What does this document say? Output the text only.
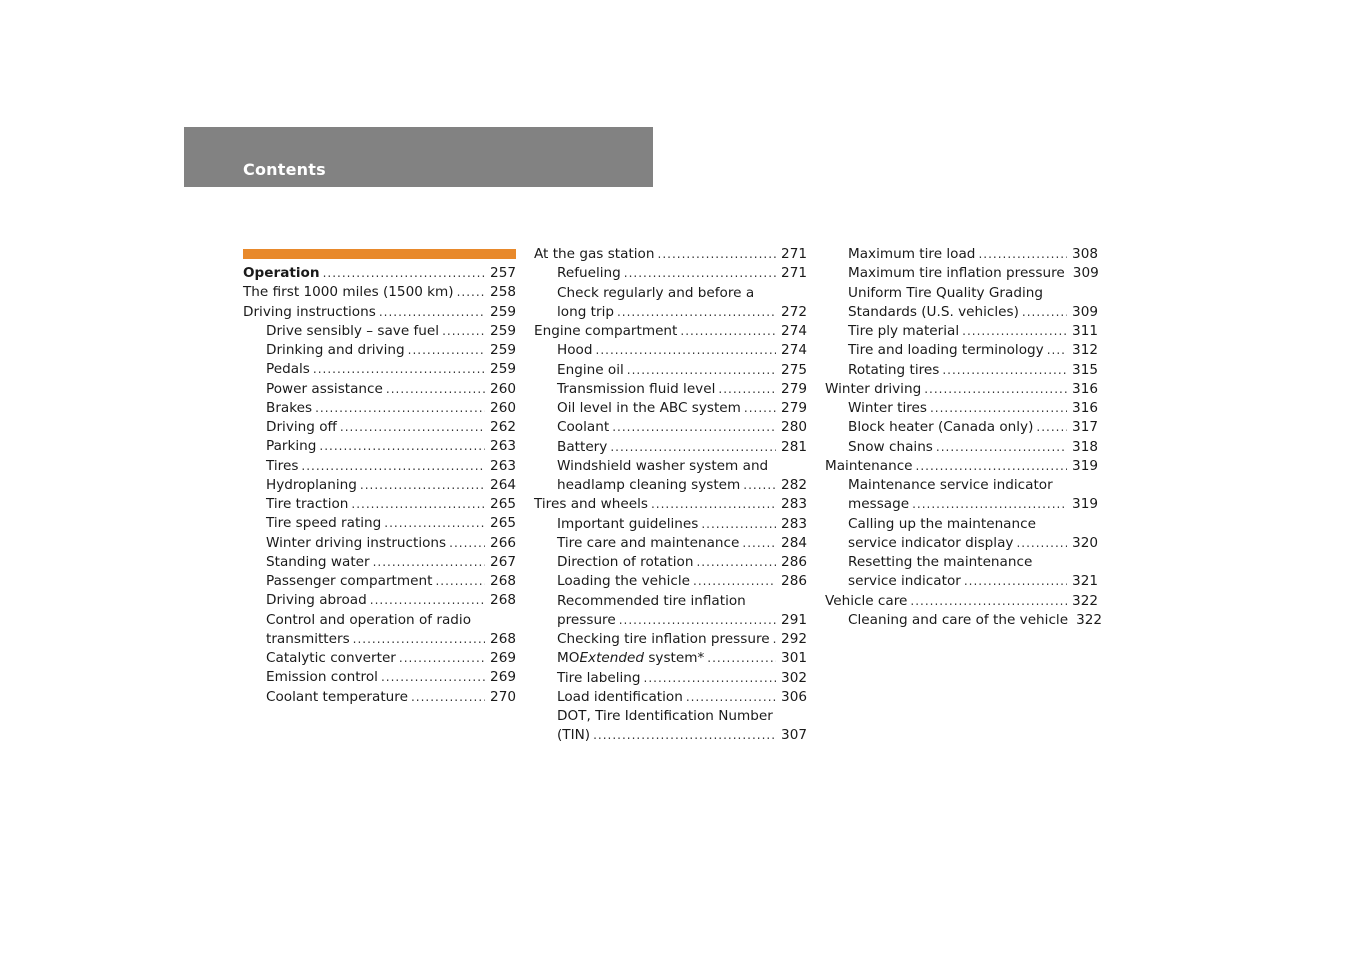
Contents
Operation .....	257
The first 1000 miles (1500 km) .....	258
Driving instructions .....	259
Drive sensibly – save fuel .....	259
Drinking and driving .....	259
Pedals .....	259
Power assistance .....	260
Brakes .....	260
Driving off .....	262
Parking .....	263
Tires .....	263
Hydroplaning .....	264
Tire traction .....	265
Tire speed rating .....	265
Winter driving instructions .....	266
Standing water .....	267
Passenger compartment .....	268
Driving abroad .....	268
Control and operation of radio
transmitters .....	268
Catalytic converter .....	269
Emission control .....	269
Coolant temperature .....	270
At the gas station .....	271
Refueling .....	271
Check regularly and before a
long trip .....	272
Engine compartment .....	274
Hood .....	274
Engine oil .....	275
Transmission fluid level .....	279
Oil level in the ABC system .....	279
Coolant .....	280
Battery .....	281
Windshield washer system and
headlamp cleaning system .....	282
Tires and wheels .....	283
Important guidelines .....	283
Tire care and maintenance .....	284
Direction of rotation .....	286
Loading the vehicle .....	286
Recommended tire inflation
pressure .....	291
Checking tire inflation pressure ..... 292
MOExtended system* .....	301
Tire labeling .....	302
Load identification .....	306
DOT, Tire Identification Number
(TIN) .....	307
Maximum tire load .....	308
Maximum tire inflation pressure 309
Uniform Tire Quality Grading
Standards (U.S. vehicles) .....	309
Tire ply material .....	311
Tire and loading terminology ..... 312
Rotating tires .....	315
Winter driving .....	316
Winter tires .....	316
Block heater (Canada only) .....	317
Snow chains .....	318
Maintenance .....	319
Maintenance service indicator
message .....	319
Calling up the maintenance
service indicator display .....	320
Resetting the maintenance
service indicator .....	321
Vehicle care .....	322
Cleaning and care of the vehicle 322
